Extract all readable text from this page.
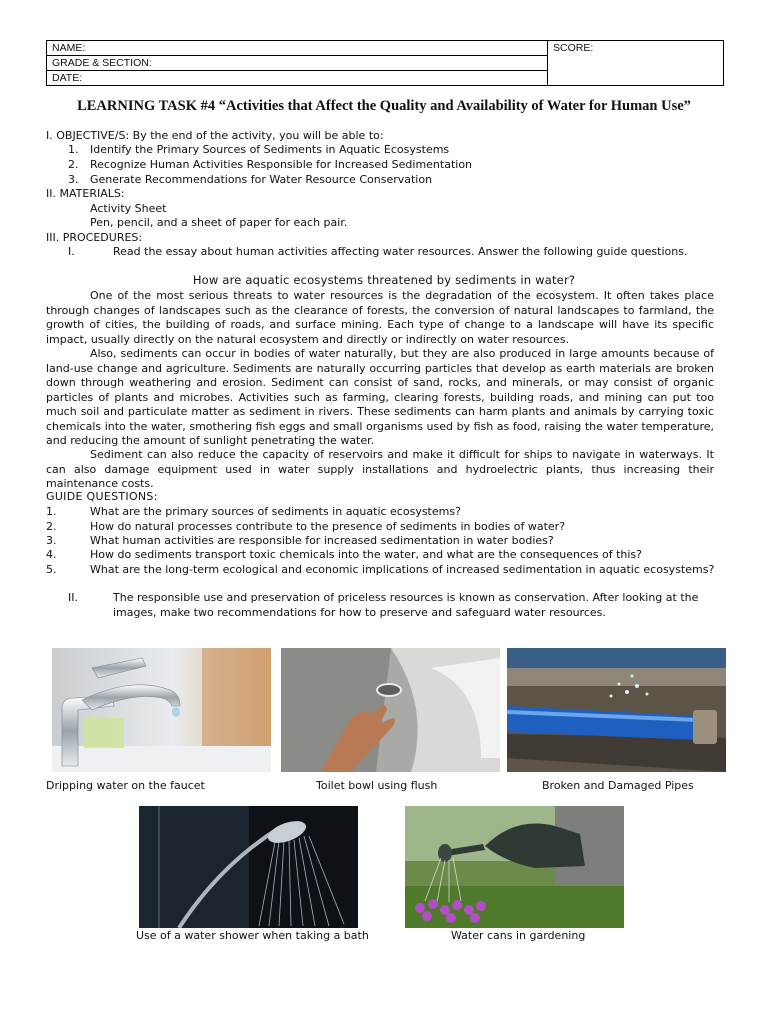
NAME:	SCORE:
GRADE & SECTION:
DATE:
LEARNING TASK #4 “Activities that Affect the Quality and Availability of Water for Human Use”
I. OBJECTIVE/S: By the end of the activity, you will be able to:
1. Identify the Primary Sources of Sediments in Aquatic Ecosystems
2. Recognize Human Activities Responsible for Increased Sedimentation
3. Generate Recommendations for Water Resource Conservation
II. MATERIALS:
Activity Sheet
Pen, pencil, and a sheet of paper for each pair.
III. PROCEDURES:
I.	Read the essay about human activities affecting water resources. Answer the following guide questions.
How are aquatic ecosystems threatened by sediments in water?

One of the most serious threats to water resources is the degradation of the ecosystem. It often takes place through changes of landscapes such as the clearance of forests, the conversion of natural landscapes to farmland, the growth of cities, the building of roads, and surface mining. Each type of change to a landscape will have its specific impact, usually directly on the natural ecosystem and directly or indirectly on water resources.

Also, sediments can occur in bodies of water naturally, but they are also produced in large amounts because of land-use change and agriculture. Sediments are naturally occurring particles that develop as earth materials are broken down through weathering and erosion. Sediment can consist of sand, rocks, and minerals, or may consist of organic particles of plants and microbes. Activities such as farming, clearing forests, building roads, and mining can put too much soil and particulate matter as sediment in rivers. These sediments can harm plants and animals by carrying toxic chemicals into the water, smothering fish eggs and small organisms used by fish as food, raising the water temperature, and reducing the amount of sunlight penetrating the water.

Sediment can also reduce the capacity of reservoirs and make it difficult for ships to navigate in waterways. It can also damage equipment used in water supply installations and hydroelectric plants, thus increasing their maintenance costs.

GUIDE QUESTIONS:
1.	What are the primary sources of sediments in aquatic ecosystems?
2.	How do natural processes contribute to the presence of sediments in bodies of water?
3.	What human activities are responsible for increased sedimentation in water bodies?
4.	How do sediments transport toxic chemicals into the water, and what are the consequences of this?
5.	What are the long-term ecological and economic implications of increased sedimentation in aquatic ecosystems?
II.	The responsible use and preservation of priceless resources is known as conservation. After looking at the
images, make two recommendations for how to preserve and safeguard water resources.
Dripping water on the faucet	Toilet bowl using flush	Broken and Damaged Pipes
Use of a water shower when taking a bath	Water cans in gardening
